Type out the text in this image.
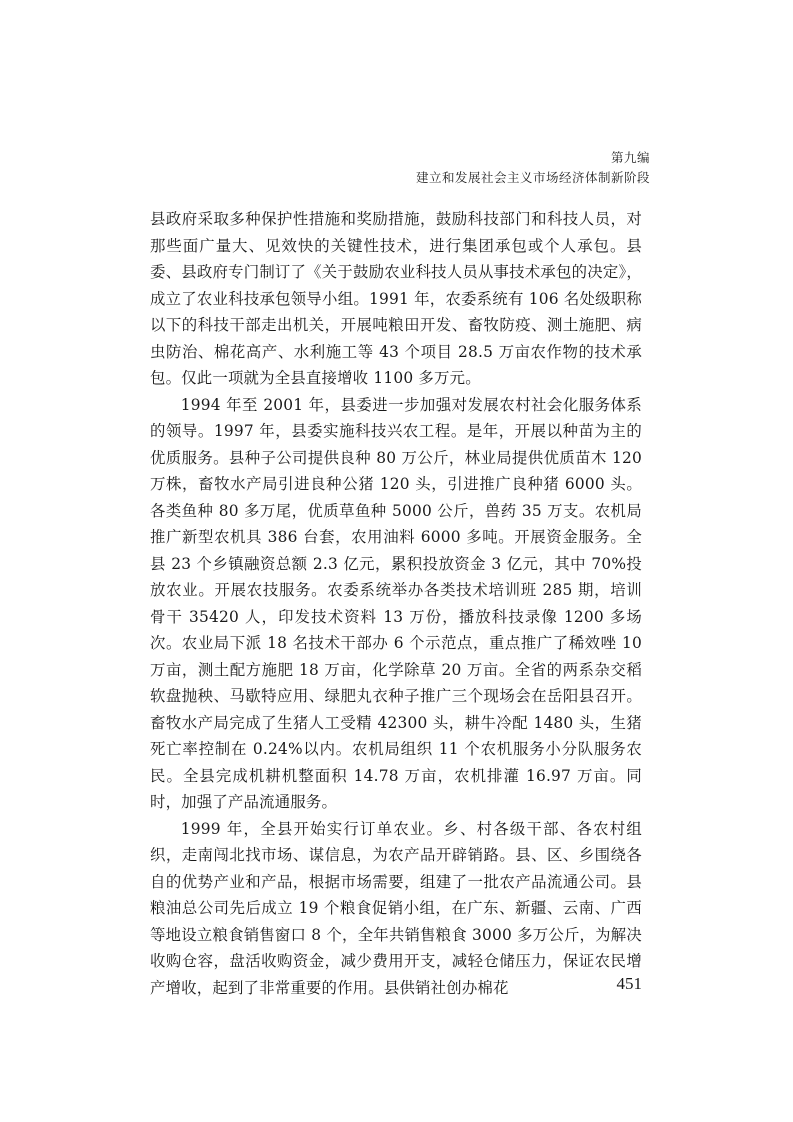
第九编
建立和发展社会主义市场经济体制新阶段

县政府采取多种保护性措施和奖励措施，鼓励科技部门和科技人员，对那些面广量大、见效快的关键性技术，进行集团承包或个人承包。县委、县政府专门制订了《关于鼓励农业科技人员从事技术承包的决定》，成立了农业科技承包领导小组。1991 年，农委系统有 106 名处级职称以下的科技干部走出机关，开展吨粮田开发、畜牧防疫、测土施肥、病虫防治、棉花高产、水利施工等 43 个项目 28.5 万亩农作物的技术承包。仅此一项就为全县直接增收 1100 多万元。

1994 年至 2001 年，县委进一步加强对发展农村社会化服务体系的领导。1997 年，县委实施科技兴农工程。是年，开展以种苗为主的优质服务。县种子公司提供良种 80 万公斤，林业局提供优质苗木 120 万株，畜牧水产局引进良种公猪 120 头，引进推广良种猪 6000 头。各类鱼种 80 多万尾，优质草鱼种 5000 公斤，兽药 35 万支。农机局推广新型农机具 386 台套，农用油料 6000 多吨。开展资金服务。全县 23 个乡镇融资总额 2.3 亿元，累积投放资金 3 亿元，其中 70%投放农业。开展农技服务。农委系统举办各类技术培训班 285 期，培训骨干 35420 人，印发技术资料 13 万份，播放科技录像 1200 多场次。农业局下派 18 名技术干部办 6 个示范点，重点推广了稀效唑 10 万亩，测土配方施肥 18 万亩，化学除草 20 万亩。全省的两系杂交稻软盘抛秧、马歇特应用、绿肥丸衣种子推广三个现场会在岳阳县召开。畜牧水产局完成了生猪人工受精 42300 头，耕牛冷配 1480 头，生猪死亡率控制在 0.24%以内。农机局组织 11 个农机服务小分队服务农民。全县完成机耕机整面积 14.78 万亩，农机排灌 16.97 万亩。同时，加强了产品流通服务。

1999 年，全县开始实行订单农业。乡、村各级干部、各农村组织，走南闯北找市场、谋信息，为农产品开辟销路。县、区、乡围绕各自的优势产业和产品，根据市场需要，组建了一批农产品流通公司。县粮油总公司先后成立 19 个粮食促销小组，在广东、新疆、云南、广西等地设立粮食销售窗口 8 个，全年共销售粮食 3000 多万公斤，为解决收购仓容，盘活收购资金，减少费用开支，减轻仓储压力，保证农民增产增收，起到了非常重要的作用。县供销社创办棉花	451
